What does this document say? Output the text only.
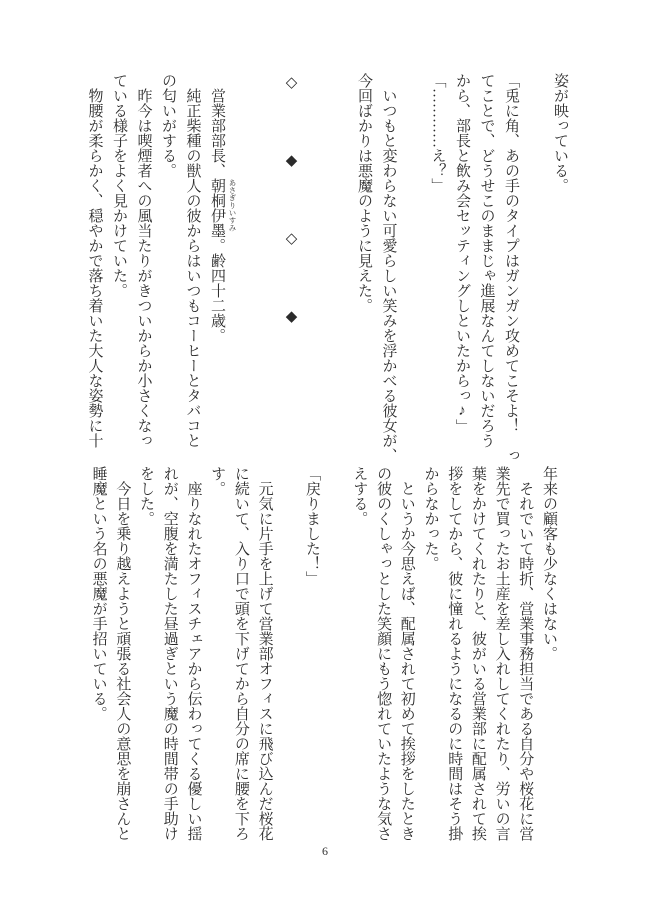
姿が映っている。

「兎に角、あの手のタイプはガンガン攻めてこそよ！　っ

てことで、どうせこのままじゃ進展なんてしないだろう

から、部長と飲み会セッティングしといたからっ♪」

「…………え？」

　いつもと変わらない可愛らしい笑みを浮かべる彼女が、

今回ばかりは悪魔のように見えた。

◇　　　　◆　　　　◇　　　　◆

　営業部部長、朝桐 あさぎり
伊墨 いすみ
。齢四十二歳。

　純正柴種の獣人の彼からはいつもコーヒーとタバコと

の匂いがする。

　昨今は喫煙者への風当たりがきついからか小さくなっ

ている様子をよく見かけていた。

　物腰が柔らかく、穏やかで落ち着いた大人な姿勢に十

年来の顧客も少なくはない。

　それでいて時折、営業事務担当である自分や桜花に営

業先で買ったお土産を差し入れしてくれたり、労いの言

葉をかけてくれたりと、彼がいる営業部に配属されて挨

拶をしてから、彼に憧れるようになるのに時間はそう掛

からなかった。

　というか今思えば、配属されて初めて挨拶をしたとき

の彼のくしゃっとした笑顔にもう惚れていたような気さ

えする。

「戻りました！」

　元気に片手を上げて営業部オフィスに飛び込んだ桜花

に続いて、入り口で頭を下げてから自分の席に腰を下ろ

す。

　座りなれたオフィスチェアから伝わってくる優しい揺

れが、空腹を満たした昼過ぎという魔の時間帯の手助け

をした。

　今日を乗り越えようと頑張る社会人の意思を崩さんと

睡魔という名の悪魔が手招いている。

6
